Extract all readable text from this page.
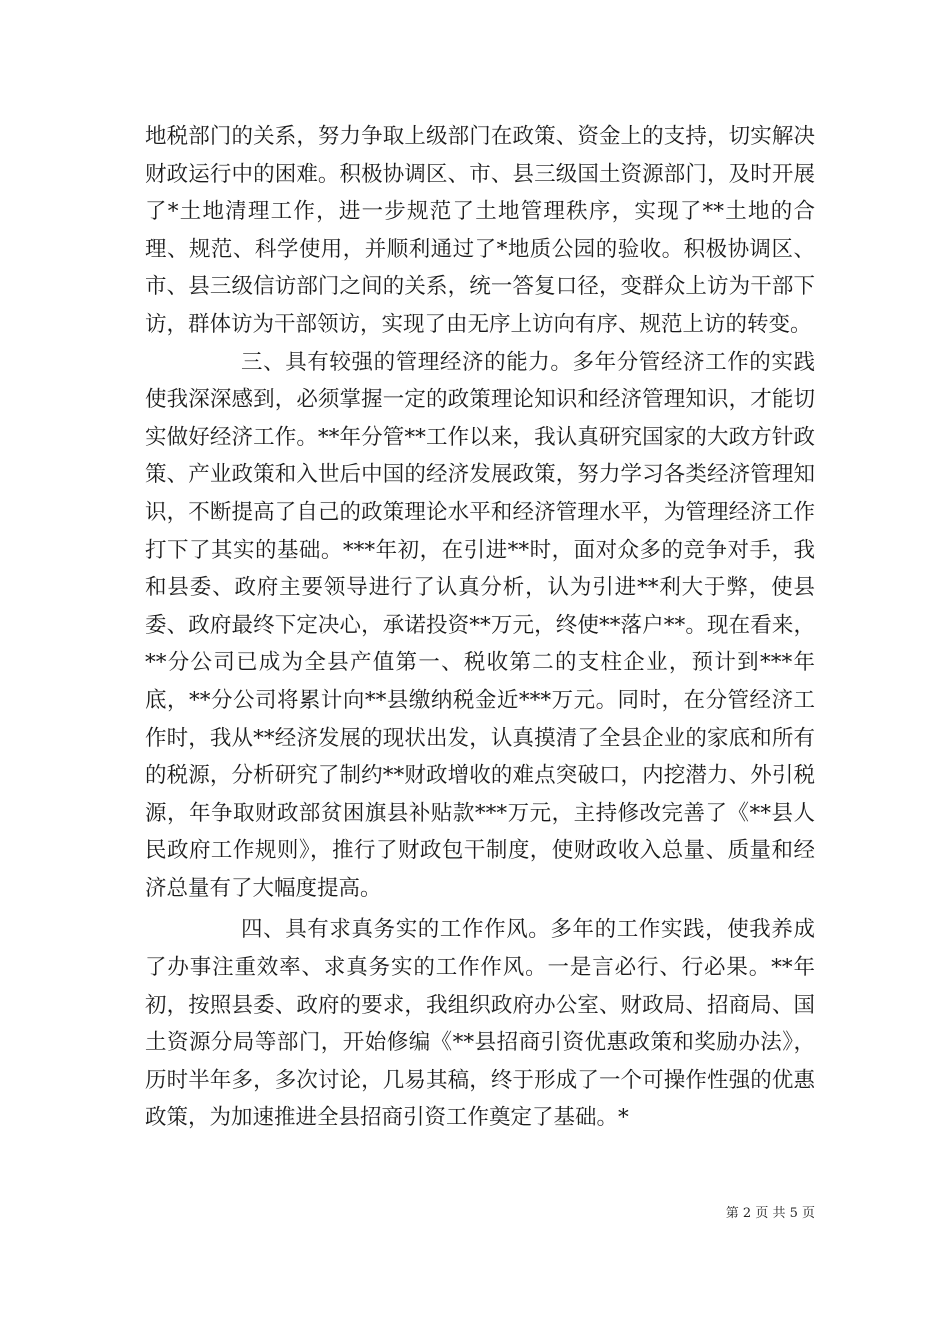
地税部门的关系，努力争取上级部门在政策、资金上的支持，切实解决财政运行中的困难。积极协调区、市、县三级国土资源部门，及时开展了*土地清理工作，进一步规范了土地管理秩序，实现了**土地的合理、规范、科学使用，并顺利通过了*地质公园的验收。积极协调区、市、县三级信访部门之间的关系，统一答复口径，变群众上访为干部下访，群体访为干部领访，实现了由无序上访向有序、规范上访的转变。

三、具有较强的管理经济的能力。多年分管经济工作的实践使我深深感到，必须掌握一定的政策理论知识和经济管理知识，才能切实做好经济工作。**年分管**工作以来，我认真研究国家的大政方针政策、产业政策和入世后中国的经济发展政策，努力学习各类经济管理知识，不断提高了自己的政策理论水平和经济管理水平，为管理经济工作打下了其实的基础。***年初，在引进**时，面对众多的竞争对手，我和县委、政府主要领导进行了认真分析，认为引进**利大于弊，使县委、政府最终下定决心，承诺投资**万元，终使**落户**。现在看来，**分公司已成为全县产值第一、税收第二的支柱企业，预计到***年底，**分公司将累计向**县缴纳税金近***万元。同时，在分管经济工作时，我从**经济发展的现状出发，认真摸清了全县企业的家底和所有的税源，分析研究了制约**财政增收的难点突破口，内挖潜力、外引税源，年争取财政部贫困旗县补贴款***万元，主持修改完善了《**县人民政府工作规则》，推行了财政包干制度，使财政收入总量、质量和经济总量有了大幅度提高。

四、具有求真务实的工作作风。多年的工作实践，使我养成了办事注重效率、求真务实的工作作风。一是言必行、行必果。**年初，按照县委、政府的要求，我组织政府办公室、财政局、招商局、国土资源分局等部门，开始修编《**县招商引资优惠政策和奖励办法》，历时半年多，多次讨论，几易其稿，终于形成了一个可操作性强的优惠政策，为加速推进全县招商引资工作奠定了基础。*

第 2 页 共 5 页
